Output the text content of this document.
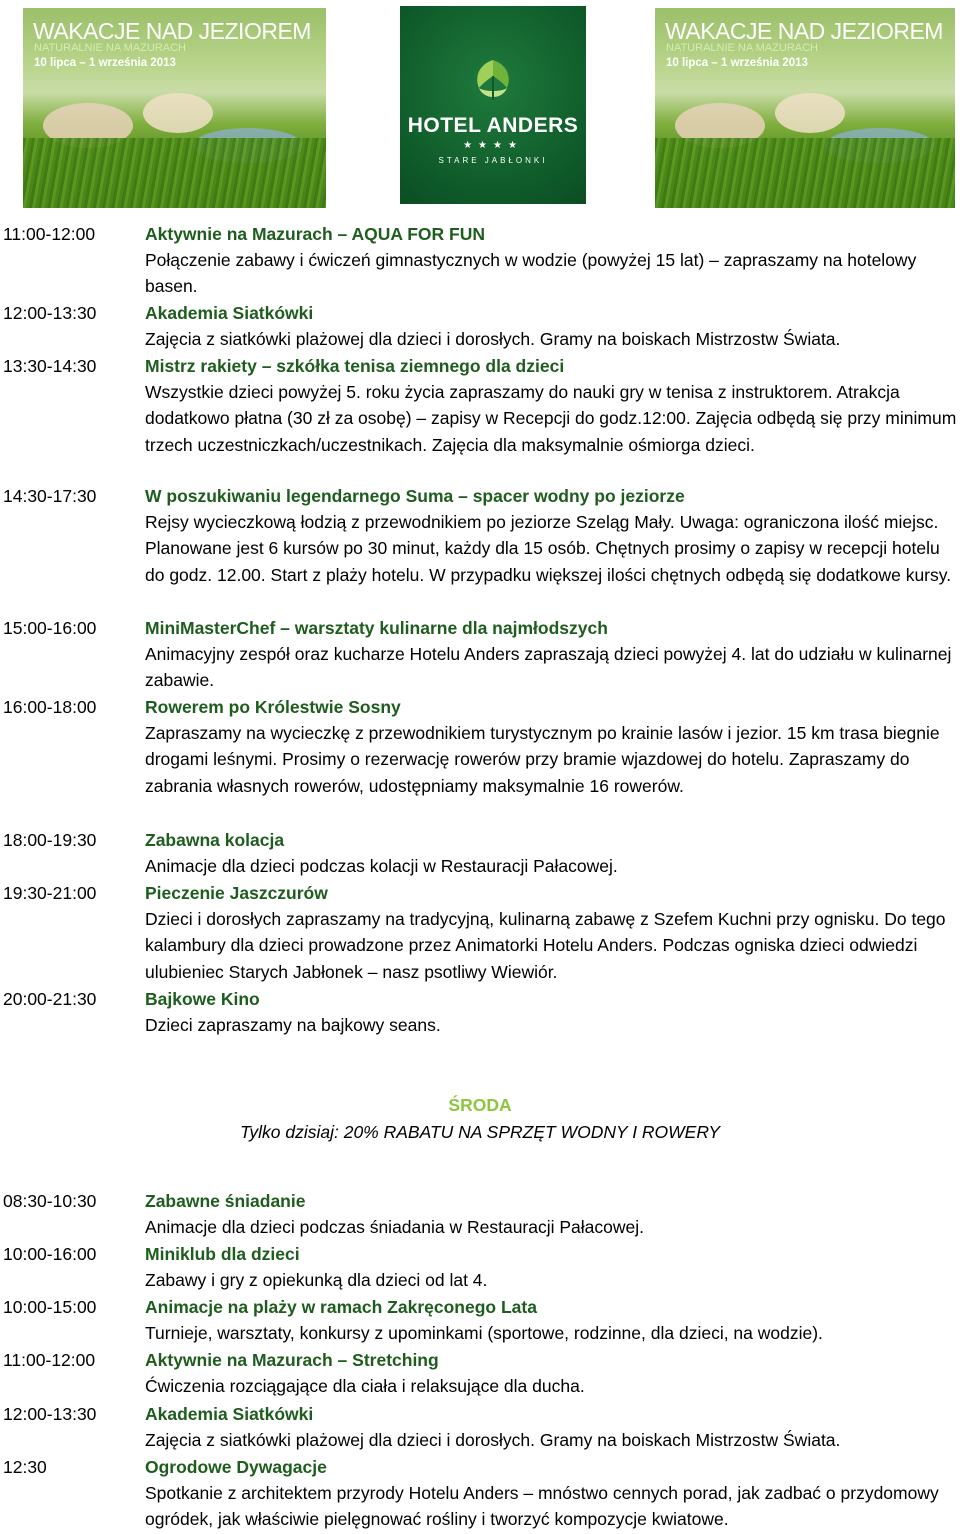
WAKACJE NAD JEZIOREM
NATURALNIE NA MAZURACH
10 lipca – 1 września 2013
HOTEL ANDERS
★★★★
STARE JABŁONKI
WAKACJE NAD JEZIOREM
NATURALNIE NA MAZURACH
10 lipca – 1 września 2013
11:00-12:00	Aktywnie na Mazurach – AQUA FOR FUN
Połączenie zabawy i ćwiczeń gimnastycznych w wodzie (powyżej 15 lat) – zapraszamy na hotelowy basen.
12:00-13:30	Akademia Siatkówki
Zajęcia z siatkówki plażowej dla dzieci i dorosłych. Gramy na boiskach Mistrzostw Świata.
13:30-14:30	Mistrz rakiety – szkółka tenisa ziemnego dla dzieci
Wszystkie dzieci powyżej 5. roku życia zapraszamy do nauki gry w tenisa z instruktorem. Atrakcja dodatkowo płatna (30 zł za osobę) – zapisy w Recepcji do godz.12:00. Zajęcia odbędą się przy minimum trzech uczestniczkach/uczestnikach. Zajęcia dla maksymalnie ośmiorga dzieci.
14:30-17:30	W poszukiwaniu legendarnego Suma – spacer wodny po jeziorze
Rejsy wycieczkową łodzią z przewodnikiem po jeziorze Szeląg Mały. Uwaga: ograniczona ilość miejsc. Planowane jest 6 kursów po 30 minut, każdy dla 15 osób. Chętnych prosimy o zapisy w recepcji hotelu do godz. 12.00. Start z plaży hotelu. W przypadku większej ilości chętnych odbędą się dodatkowe kursy.
15:00-16:00	MiniMasterChef – warsztaty kulinarne dla najmłodszych
Animacyjny zespół oraz kucharze Hotelu Anders zapraszają dzieci powyżej 4. lat do udziału w kulinarnej zabawie.
16:00-18:00	Rowerem po Królestwie Sosny
Zapraszamy na wycieczkę z przewodnikiem turystycznym po krainie lasów i jezior. 15 km trasa biegnie drogami leśnymi. Prosimy o rezerwację rowerów przy bramie wjazdowej do hotelu. Zapraszamy do zabrania własnych rowerów, udostępniamy maksymalnie 16 rowerów.
18:00-19:30	Zabawna kolacja
Animacje dla dzieci podczas kolacji w Restauracji Pałacowej.
19:30-21:00	Pieczenie Jaszczurów
Dzieci i dorosłych zapraszamy na tradycyjną, kulinarną zabawę z Szefem Kuchni przy ognisku. Do tego kalambury dla dzieci prowadzone przez Animatorki Hotelu Anders. Podczas ogniska dzieci odwiedzi ulubieniec Starych Jabłonek – nasz psotliwy Wiewiór.
20:00-21:30	Bajkowe Kino
Dzieci zapraszamy na bajkowy seans.
ŚRODA
Tylko dzisiaj: 20% RABATU NA SPRZĘT WODNY I ROWERY
08:30-10:30	Zabawne śniadanie
Animacje dla dzieci podczas śniadania w Restauracji Pałacowej.
10:00-16:00	Miniklub dla dzieci
Zabawy i gry z opiekunką dla dzieci od lat 4.
10:00-15:00	Animacje na plaży w ramach Zakręconego Lata
Turnieje, warsztaty, konkursy z upominkami (sportowe, rodzinne, dla dzieci, na wodzie).
11:00-12:00	Aktywnie na Mazurach – Stretching
Ćwiczenia rozciągające dla ciała i relaksujące dla ducha.
12:00-13:30	Akademia Siatkówki
Zajęcia z siatkówki plażowej dla dzieci i dorosłych. Gramy na boiskach Mistrzostw Świata.
12:30	Ogrodowe Dywagacje
Spotkanie z architektem przyrody Hotelu Anders – mnóstwo cennych porad, jak zadbać o przydomowy ogródek, jak właściwie pielęgnować rośliny i tworzyć kompozycje kwiatowe.
